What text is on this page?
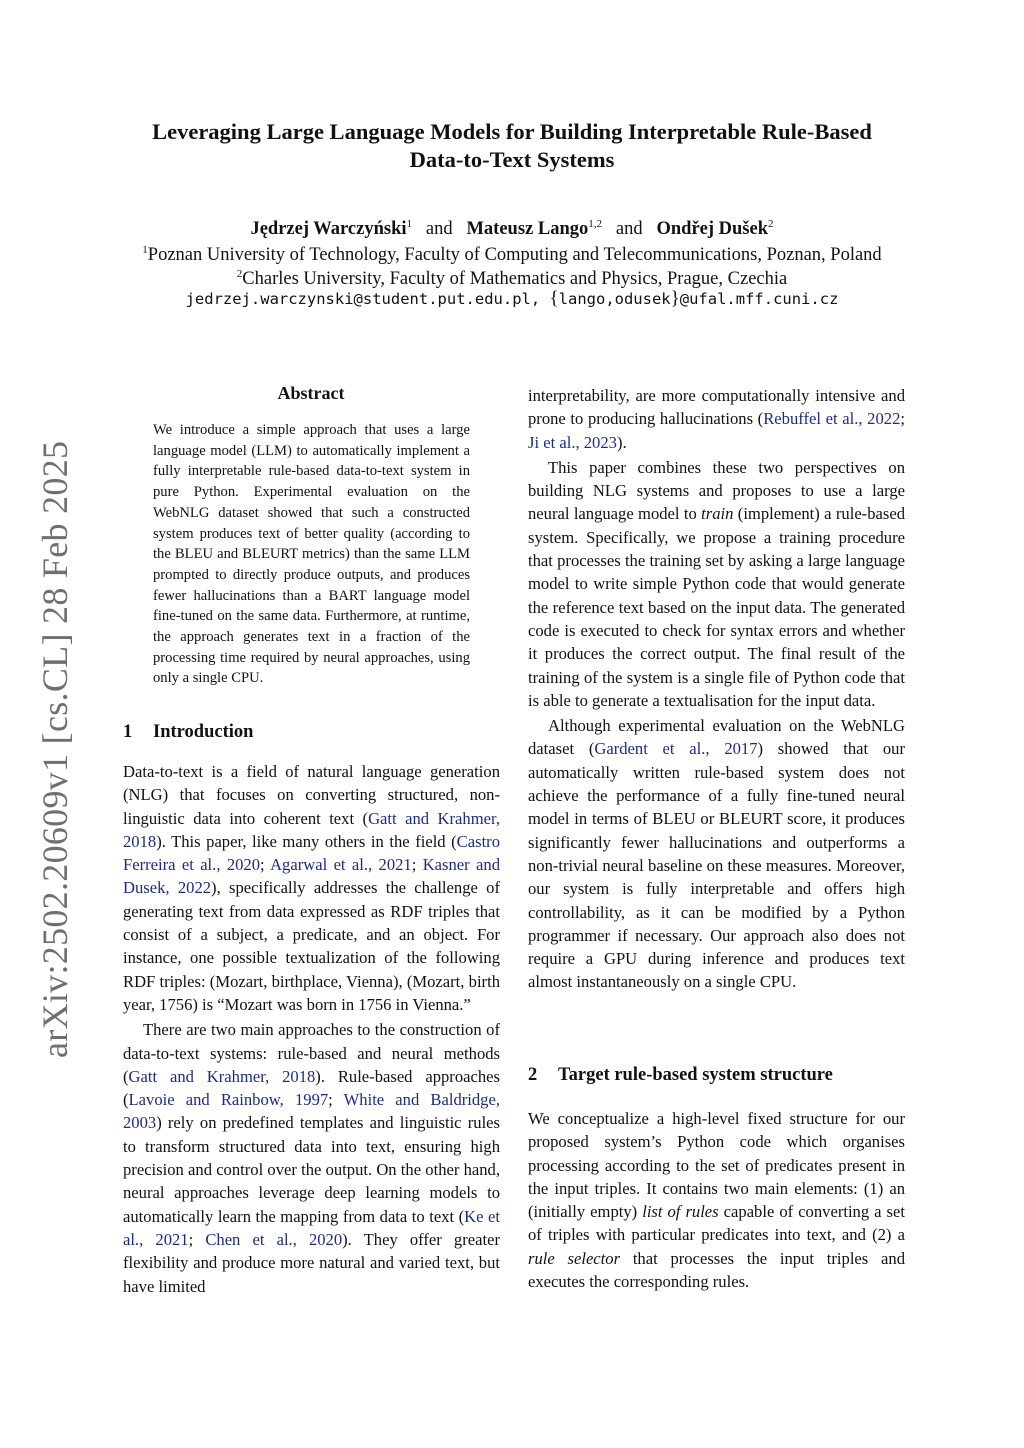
arXiv:2502.20609v1 [cs.CL] 28 Feb 2025
Leveraging Large Language Models for Building Interpretable Rule-Based
Data-to-Text Systems
Jędrzej Warczyński$^1$ and Mateusz Lango$^{1,2}$ and Ondřej Dušek$^2$
$^1$Poznan University of Technology, Faculty of Computing and Telecommunications, Poznan, Poland
$^2$Charles University, Faculty of Mathematics and Physics, Prague, Czechia
jedrzej.warczynski@student.put.edu.pl, {lango,odusek}@ufal.mff.cuni.cz
Abstract
We introduce a simple approach that uses a large language model (LLM) to automatically implement a fully interpretable rule-based data-to-text system in pure Python. Experimental evaluation on the WebNLG dataset showed that such a constructed system produces text of better quality (according to the BLEU and BLEURT metrics) than the same LLM prompted to directly produce outputs, and produces fewer hallucinations than a BART language model fine-tuned on the same data. Furthermore, at runtime, the approach generates text in a fraction of the processing time required by neural approaches, using only a single CPU.
1 Introduction

Data-to-text is a field of natural language generation (NLG) that focuses on converting structured, non-linguistic data into coherent text (Gatt and Krahmer, 2018). This paper, like many others in the field (Castro Ferreira et al., 2020; Agarwal et al., 2021; Kasner and Dusek, 2022), specifically addresses the challenge of generating text from data expressed as RDF triples that consist of a subject, a predicate, and an object. For instance, one possible textualization of the following RDF triples: (Mozart, birthplace, Vienna), (Mozart, birth year, 1756) is “Mozart was born in 1756 in Vienna.”

There are two main approaches to the construction of data-to-text systems: rule-based and neural methods (Gatt and Krahmer, 2018). Rule-based approaches (Lavoie and Rainbow, 1997; White and Baldridge, 2003) rely on predefined templates and linguistic rules to transform structured data into text, ensuring high precision and control over the output. On the other hand, neural approaches leverage deep learning models to automatically learn the mapping from data to text (Ke et al., 2021; Chen et al., 2020). They offer greater flexibility and produce more natural and varied text, but have limited

interpretability, are more computationally intensive and prone to producing hallucinations (Rebuffel et al., 2022; Ji et al., 2023).

This paper combines these two perspectives on building NLG systems and proposes to use a large neural language model to train (implement) a rule-based system. Specifically, we propose a training procedure that processes the training set by asking a large language model to write simple Python code that would generate the reference text based on the input data. The generated code is executed to check for syntax errors and whether it produces the correct output. The final result of the training of the system is a single file of Python code that is able to generate a textualisation for the input data.

Although experimental evaluation on the WebNLG dataset (Gardent et al., 2017) showed that our automatically written rule-based system does not achieve the performance of a fully fine-tuned neural model in terms of BLEU or BLEURT score, it produces significantly fewer hallucinations and outperforms a non-trivial neural baseline on these measures. Moreover, our system is fully interpretable and offers high controllability, as it can be modified by a Python programmer if necessary. Our approach also does not require a GPU during inference and produces text almost instantaneously on a single CPU.

2 Target rule-based system structure

We conceptualize a high-level fixed structure for our proposed system’s Python code which organises processing according to the set of predicates present in the input triples. It contains two main elements: (1) an (initially empty) list of rules capable of converting a set of triples with particular predicates into text, and (2) a rule selector that processes the input triples and executes the corresponding rules.
